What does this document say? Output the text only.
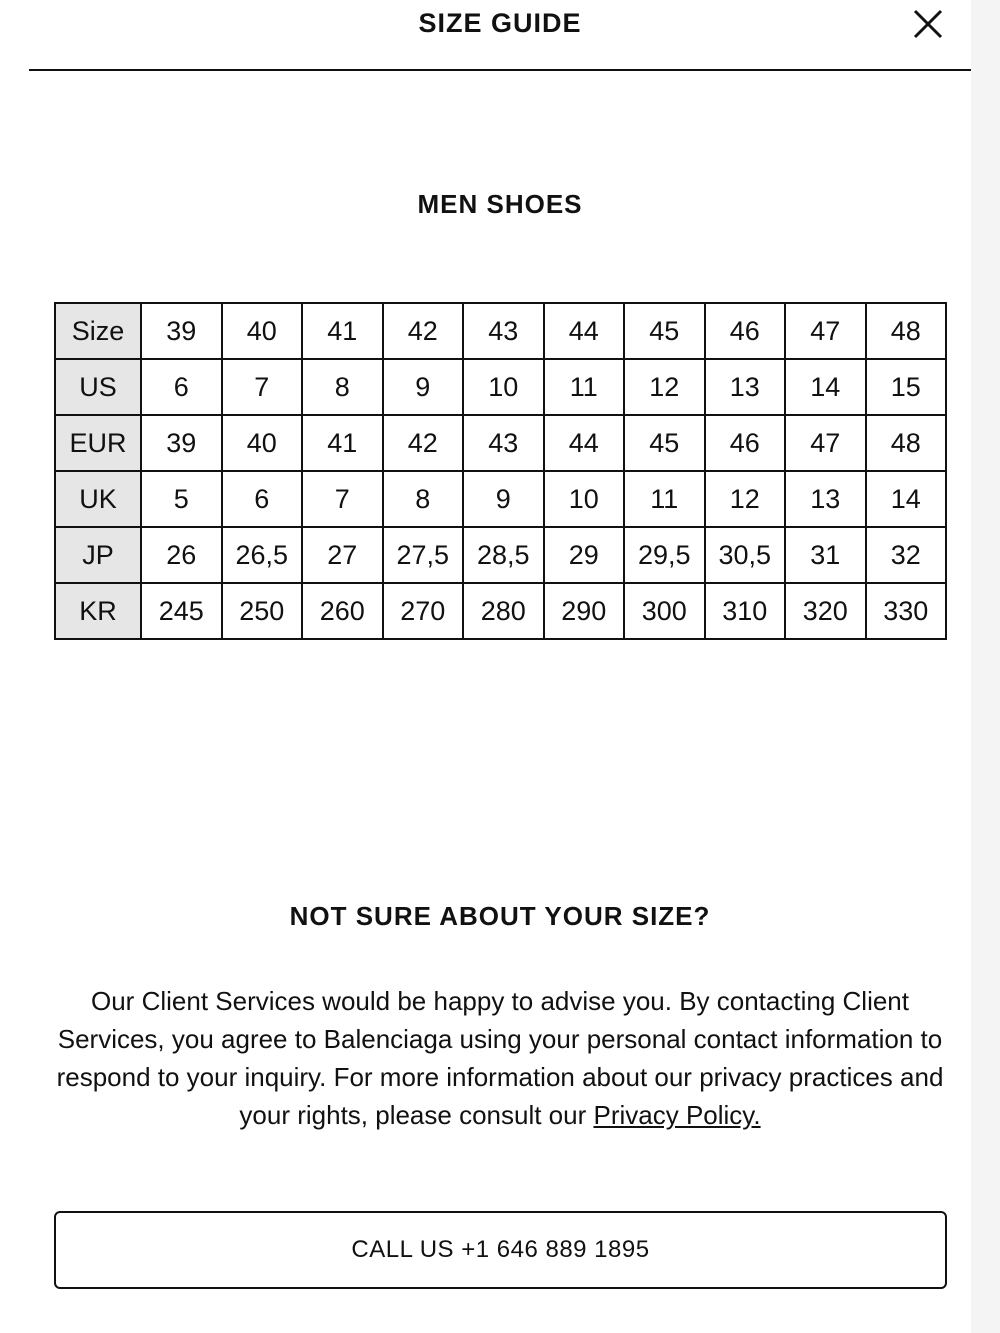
SIZE GUIDE
MEN SHOES
Size	39	40	41	42	43	44	45	46	47	48
US	6	7	8	9	10	11	12	13	14	15
EUR	39	40	41	42	43	44	45	46	47	48
UK	5	6	7	8	9	10	11	12	13	14
JP	26	26,5	27	27,5	28,5	29	29,5	30,5	31	32
KR	245	250	260	270	280	290	300	310	320	330
NOT SURE ABOUT YOUR SIZE?
Our Client Services would be happy to advise you. By contacting Client Services, you agree to Balenciaga using your personal contact information to respond to your inquiry. For more information about our privacy practices and your rights, please consult our Privacy Policy.
CALL US +1 646 889 1895
